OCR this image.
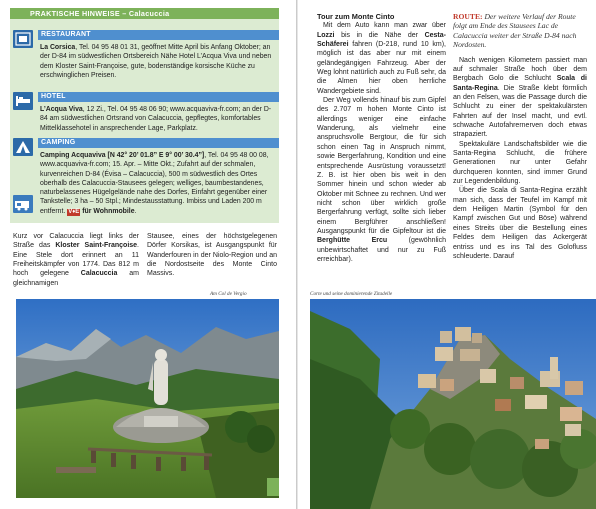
PRAKTISCHE HINWEISE – Calacuccia
RESTAURANT
La Corsica, Tel. 04 95 48 01 31, geöffnet Mitte April bis Anfang Oktober; an der D-84 im südwestlichen Ortsbereich Nähe Hotel L’Acqua Viva und neben dem Kloster Saint-Françoise, gute, bodenständige korsische Küche zu erschwinglichen Preisen.
HOTEL
L’Acqua Viva, 12 Zi., Tel. 04 95 48 06 90; www.acquaviva-fr.com; an der D-84 am südwestlichen Ortsrand von Calacuccia, gepflegtes, komfortables Mittelklassehotel in ansprechender Lage, Parkplatz.
CAMPING
Camping Acquaviva [N 42° 20’ 01.8” E 9° 00’ 30.4”], Tel. 04 95 48 00 08, www.acquaviva-fr.com; 15. Apr. – Mitte Okt.; Zufahrt auf der schmalen, kurvenreichen D-84 (Évisa – Calacuccia), 500 m südwestlich des Ortes oberhalb des Calacuccia-Stausees gelegen; welliges, baumbestandenes, naturbelassenes Hügelgelände nahe des Dorfes, Einfahrt gegenüber einer Tankstelle; 3 ha – 50 Stpl.; Mindestausstattung. Imbiss und Laden 200 m entfernt. V♦E für Wohnmobile.

Kurz vor Calacuccia liegt links der Straße das Kloster Saint-Françoise. Eine Stele dort erinnert an 11 Freiheitskämpfer von 1774. Das 812 m hoch gelegene Calacuccia am gleichnamigen

Stausee, eines der höchstgelegenen Dörfer Korsikas, ist Ausgangspunkt für Wanderfouren in der Niolo-Region und an die Nordostseite des Monte Cinto Massivs.

Am Col de Vergio
Tour zum Monte Cinto

Mit dem Auto kann man zwar über Lozzi bis in die Nähe der Cesta-Schäferei fahren (D-218, rund 10 km), möglich ist das aber nur mit einem geländegängigen Fahrzeug. Aber der Weg lohnt natürlich auch zu Fuß sehr, da die Almen hier oben herrliche Wandergebiete sind.

Der Weg vollends hinauf bis zum Gipfel des 2.707 m hohen Monte Cinto ist allerdings weniger eine einfache Wanderung, als vielmehr eine anspruchsvolle Bergtour, die für sich schon einen Tag in Anspruch nimmt, sowie Bergerfahrung, Kondition und eine entsprechende Ausrüstung voraussetzt! Z. B. ist hier oben bis weit in den Sommer hinein und schon wieder ab Oktober mit Schnee zu rechnen. Und wer nicht schon über wirklich große Bergerfahrung verfügt, sollte sich lieber einem Bergführer anschließen! Ausgangspunkt für die Gipfeltour ist die Berghütte Ercu (gewöhnlich unbewirtschaftet und nur zu Fuß erreichbar).

ROUTE: Der weitere Verlauf der Route folgt am Ende des Stausees Lac de Calacuccia weiter der Straße D-84 nach Nordosten.

Nach wenigen Kilometern passiert man auf schmaler Straße hoch über dem Bergbach Golo die Schlucht Scala di Santa-Regina. Die Straße klebt förmlich an den Felsen, was die Passage durch die Schlucht zu einer der spektakulärsten Fahrten auf der Insel macht, und evtl. schwache Autofahrernerven doch etwas strapaziert.

Spektakuläre Landschaftsbilder wie die Santa-Regina Schlucht, die frühere Generationen nur unter Gefahr durchqueren konnten, sind immer Grund zur Legendenbildung.

Über die Scala di Santa-Regina erzählt man sich, dass der Teufel im Kampf mit dem Heiligen Martin (Symbol für den Kampf zwischen Gut und Böse) während eines Streits über die Bestellung eines Feldes dem Heiligen das Ackergerät entriss und es ins Tal des Golofluss schleuderte. Darauf

Corte und seine dominierende Zitadelle
